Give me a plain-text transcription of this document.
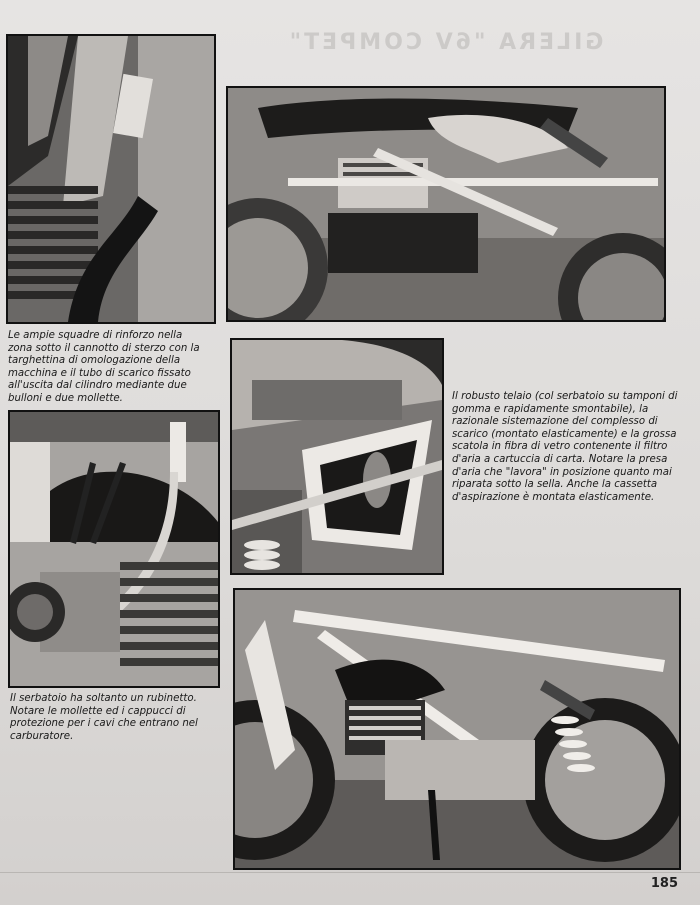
GILERA "6V COMPET"

Le ampie squadre di rinforzo nella zona sotto il cannotto di sterzo con la targhettina di omologazione della macchina e il tubo di scarico fissato all'uscita dal cilindro mediante due bulloni e due mollette.	Il robusto telaio (col serbatoio su tamponi di gomma e rapidamente smontabile), la razionale sistemazione del complesso di scarico (montato elasticamente) e la grossa scatola in fibra di vetro contenente il filtro d'aria a cartuccia di carta. Notare la presa d'aria che "lavora" in posizione quanto mai riparata sotto la sella. Anche la cassetta d'aspirazione è montata elasticamente.

Il serbatoio ha soltanto un rubinetto. Notare le mollette ed i cappucci di protezione per i cavi che entrano nel carburatore.

185
